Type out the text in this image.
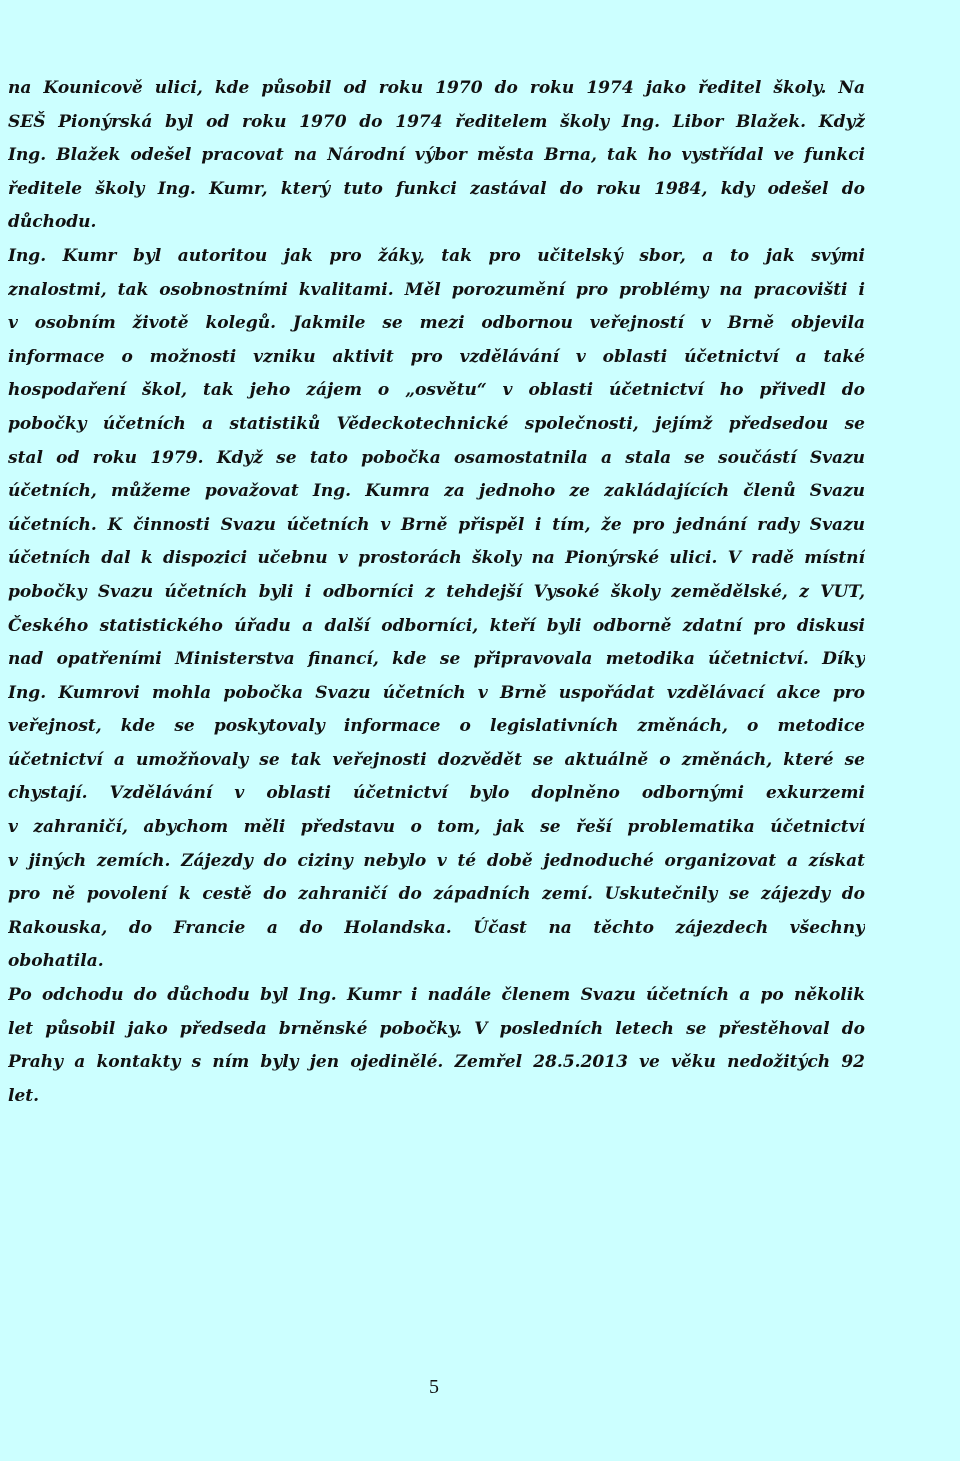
na Kounicově ulici, kde působil od roku 1970 do roku 1974 jako ředitel školy. Na
SEŠ Pionýrská byl od roku 1970 do 1974 ředitelem školy Ing. Libor Blažek. Když
Ing. Blažek odešel pracovat na Národní výbor města Brna, tak ho vystřídal ve funkci
ředitele školy Ing. Kumr, který tuto funkci zastával do roku 1984, kdy odešel do
důchodu.
Ing. Kumr byl autoritou jak pro žáky, tak pro učitelský sbor, a to jak svými
znalostmi, tak osobnostními kvalitami. Měl porozumění pro problémy na pracovišti i
v osobním životě kolegů. Jakmile se mezi odbornou veřejností v Brně objevila
informace o možnosti vzniku aktivit pro vzdělávání v oblasti účetnictví a také
hospodaření škol, tak jeho zájem o „osvětu“ v oblasti účetnictví ho přivedl do
pobočky účetních a statistiků Vědeckotechnické společnosti, jejímž předsedou se
stal od roku 1979. Když se tato pobočka osamostatnila a stala se součástí Svazu
účetních, můžeme považovat Ing. Kumra za jednoho ze zakládajících členů Svazu
účetních. K činnosti Svazu účetních v Brně přispěl i tím, že pro jednání rady Svazu
účetních dal k dispozici učebnu v prostorách školy na Pionýrské ulici. V radě místní
pobočky Svazu účetních byli i odborníci z tehdejší Vysoké školy zemědělské, z VUT,
Českého statistického úřadu a další odborníci, kteří byli odborně zdatní pro diskusi
nad opatřeními Ministerstva financí, kde se připravovala metodika účetnictví. Díky
Ing. Kumrovi mohla pobočka Svazu účetních v Brně uspořádat vzdělávací akce pro
veřejnost, kde se poskytovaly informace o legislativních změnách, o metodice
účetnictví a umožňovaly se tak veřejnosti dozvědět se aktuálně o změnách, které se
chystají. Vzdělávání v oblasti účetnictví bylo doplněno odbornými exkurzemi
v zahraničí, abychom měli představu o tom, jak se řeší problematika účetnictví
v jiných zemích. Zájezdy do ciziny nebylo v té době jednoduché organizovat a získat
pro ně povolení k cestě do zahraničí do západních zemí. Uskutečnily se zájezdy do
Rakouska, do Francie a do Holandska. Účast na těchto zájezdech všechny
obohatila.
Po odchodu do důchodu byl Ing. Kumr i nadále členem Svazu účetních a po několik
let působil jako předseda brněnské pobočky. V posledních letech se přestěhoval do
Prahy a kontakty s ním byly jen ojedinělé. Zemřel 28.5.2013 ve věku nedožitých 92
let.
5
